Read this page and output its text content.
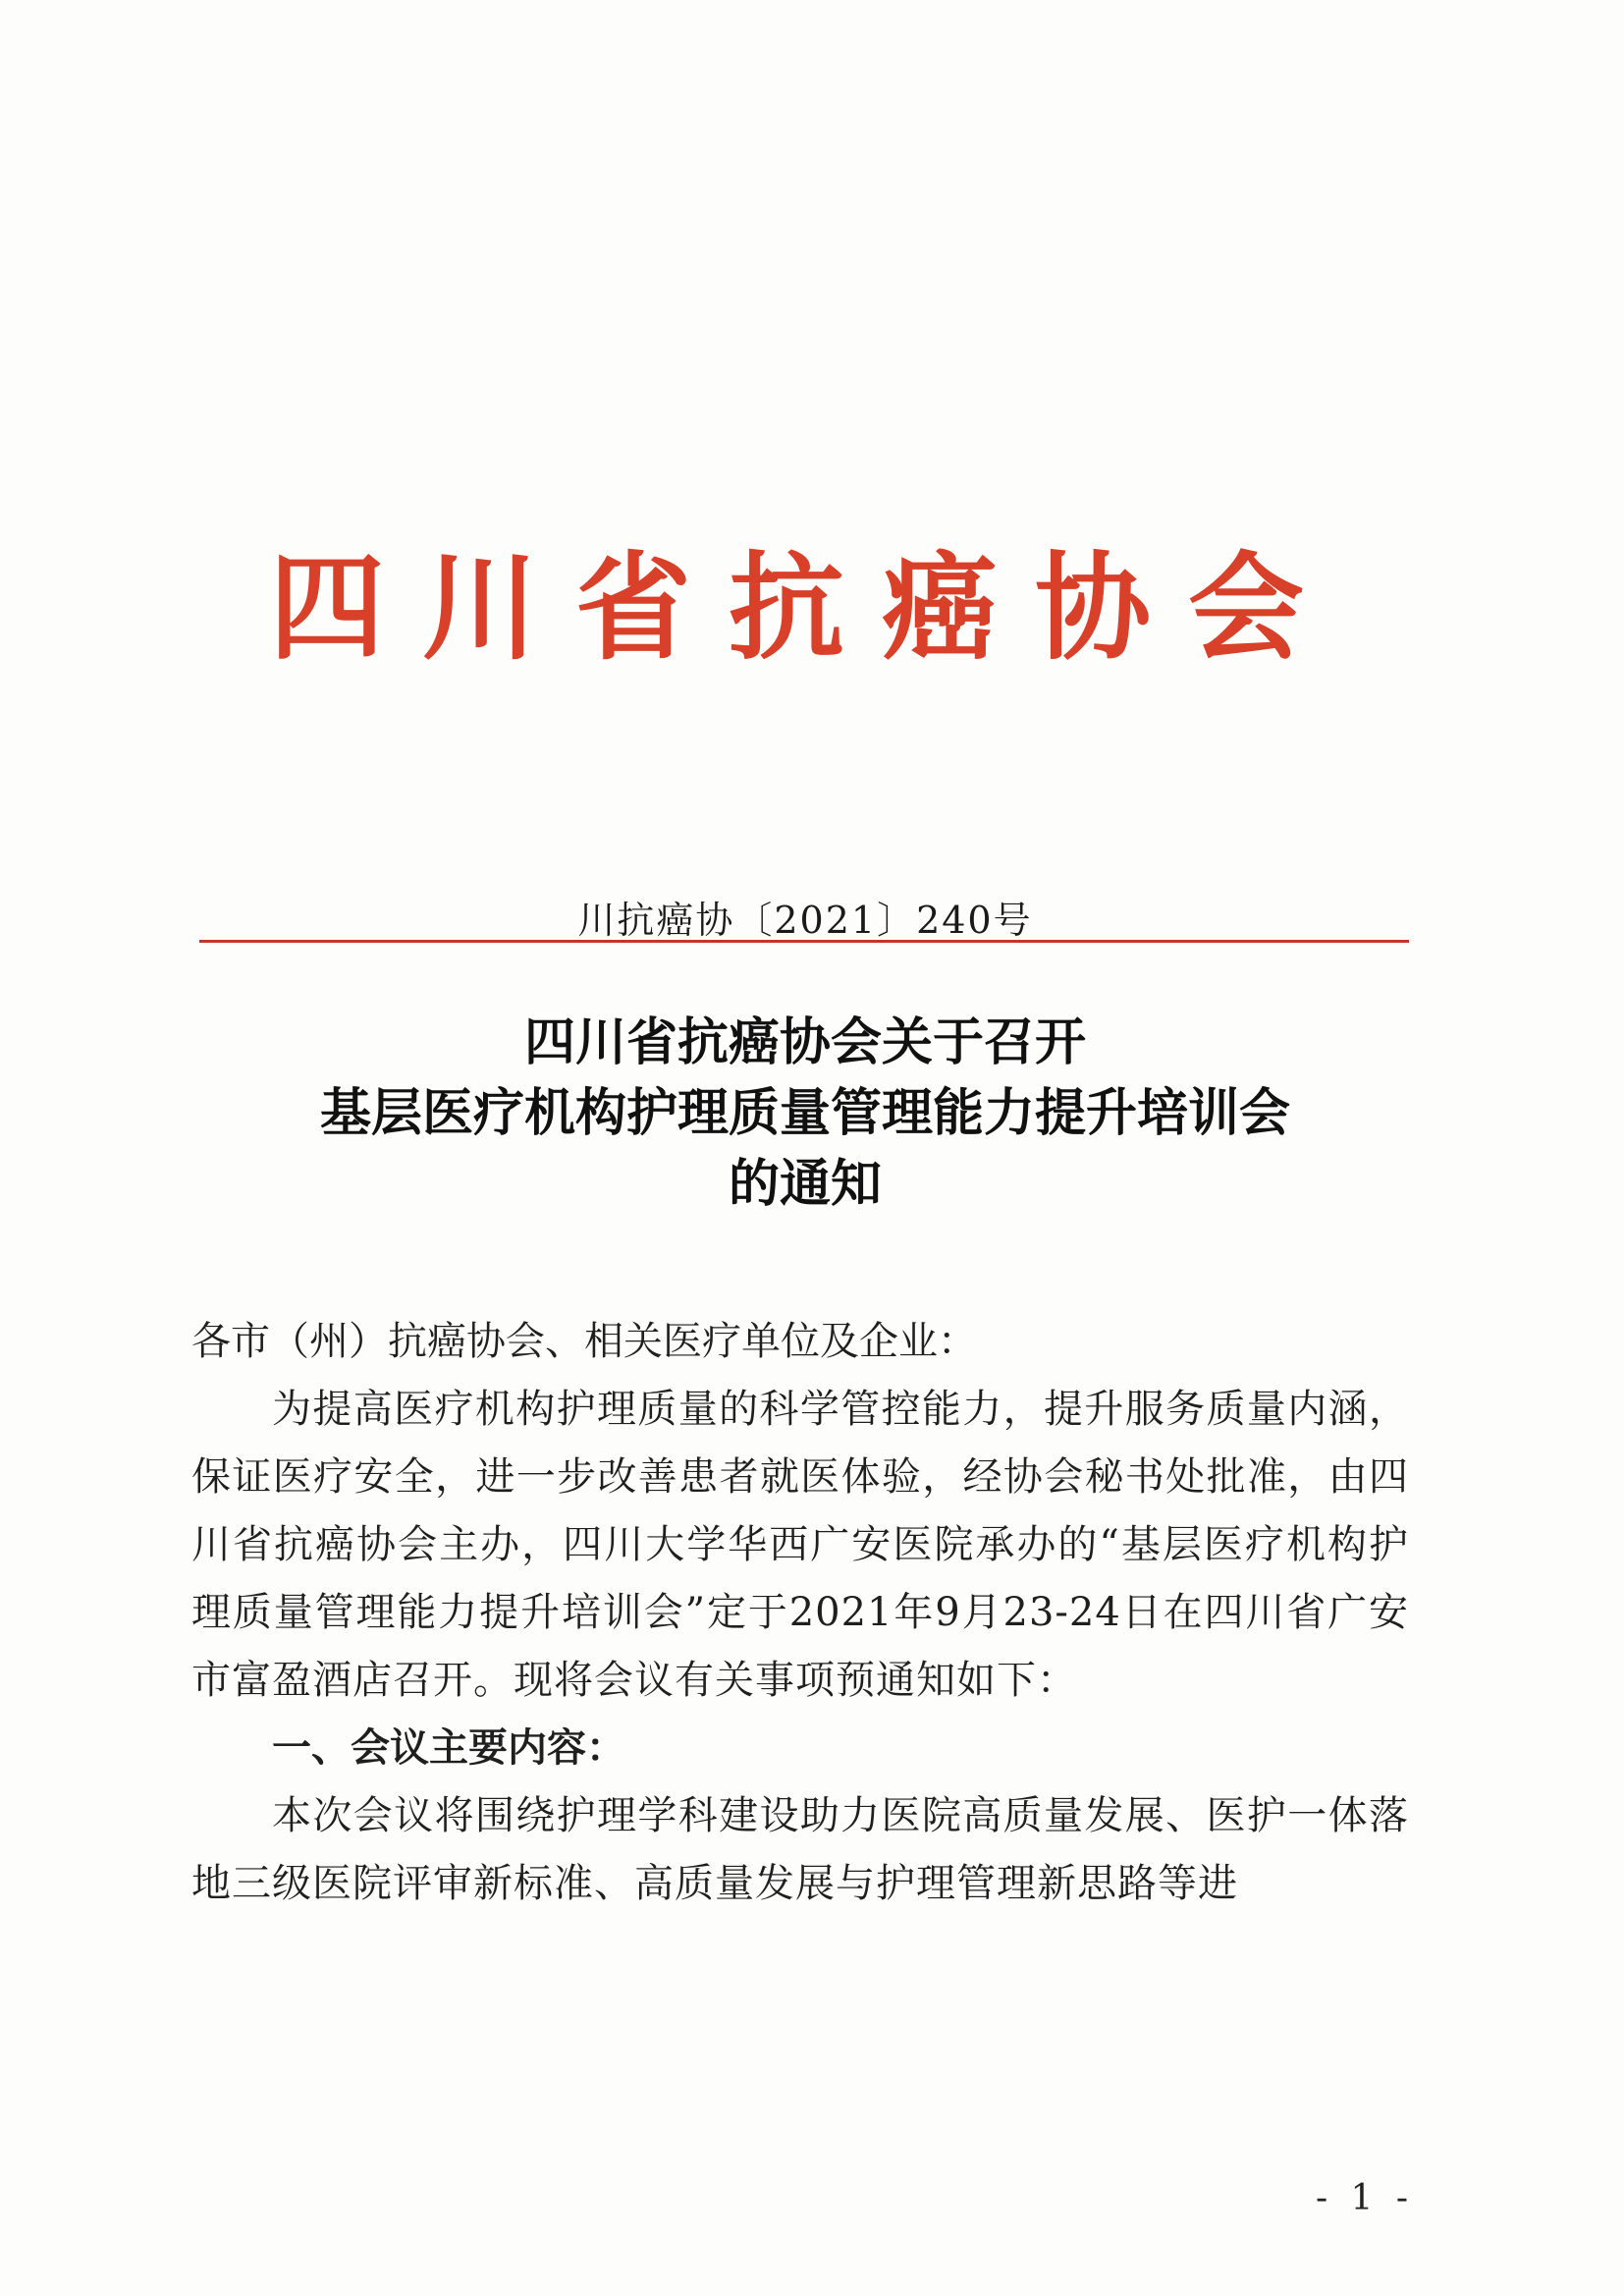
四川省抗癌协会
川抗癌协〔2021〕240号
四川省抗癌协会关于召开
基层医疗机构护理质量管理能力提升培训会
的通知

各市（州）抗癌协会、相关医疗单位及企业：

为提高医疗机构护理质量的科学管控能力，提升服务质量内涵，保证医疗安全，进一步改善患者就医体验，经协会秘书处批准，由四川省抗癌协会主办，四川大学华西广安医院承办的“基层医疗机构护理质量管理能力提升培训会”定于2021年9月23-24日在四川省广安市富盈酒店召开。现将会议有关事项预通知如下：

一、会议主要内容：

本次会议将围绕护理学科建设助力医院高质量发展、医护一体落地三级医院评审新标准、高质量发展与护理管理新思路等进

- 1 -
